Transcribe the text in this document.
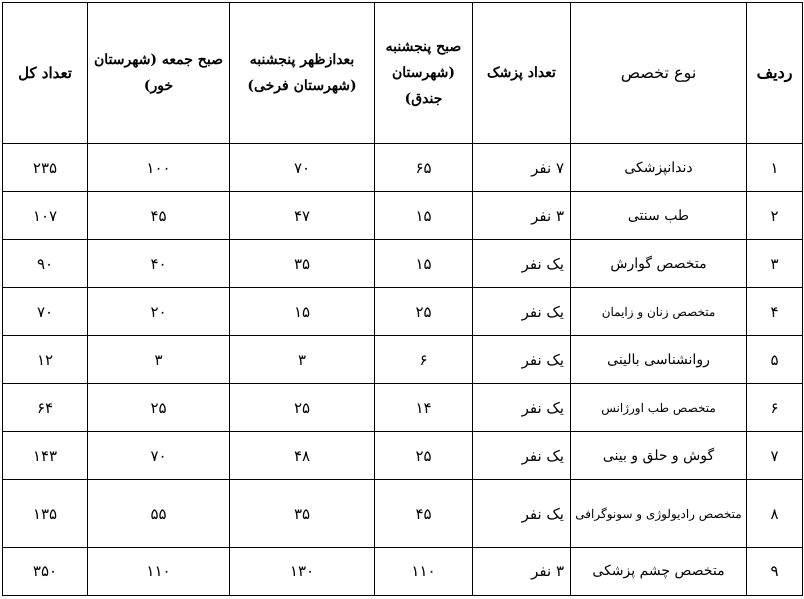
ردیف	نوع تخصص	تعداد پزشک	صبح پنجشنبه (شهرستان جندق)	بعدازظهر پنجشنبه (شهرستان فرخی)	صبح جمعه (شهرستان خور)	تعداد کل
۱	دندانپزشکی	۷ نفر	۶۵	۷۰	۱۰۰	۲۳۵
۲	طب سنتی	۳ نفر	۱۵	۴۷	۴۵	۱۰۷
۳	متخصص گوارش	یک نفر	۱۵	۳۵	۴۰	۹۰
۴	متخصص زنان و زایمان	یک نفر	۲۵	۱۵	۲۰	۷۰
۵	روانشناسی بالینی	یک نفر	۶	۳	۳	۱۲
۶	متخصص طب اورژانس	یک نفر	۱۴	۲۵	۲۵	۶۴
۷	گوش و حلق و بینی	یک نفر	۲۵	۴۸	۷۰	۱۴۳
۸	متخصص رادیولوژی و سونوگرافی	یک نفر	۴۵	۳۵	۵۵	۱۳۵
۹	متخصص چشم پزشکی	۳ نفر	۱۱۰	۱۳۰	۱۱۰	۳۵۰
